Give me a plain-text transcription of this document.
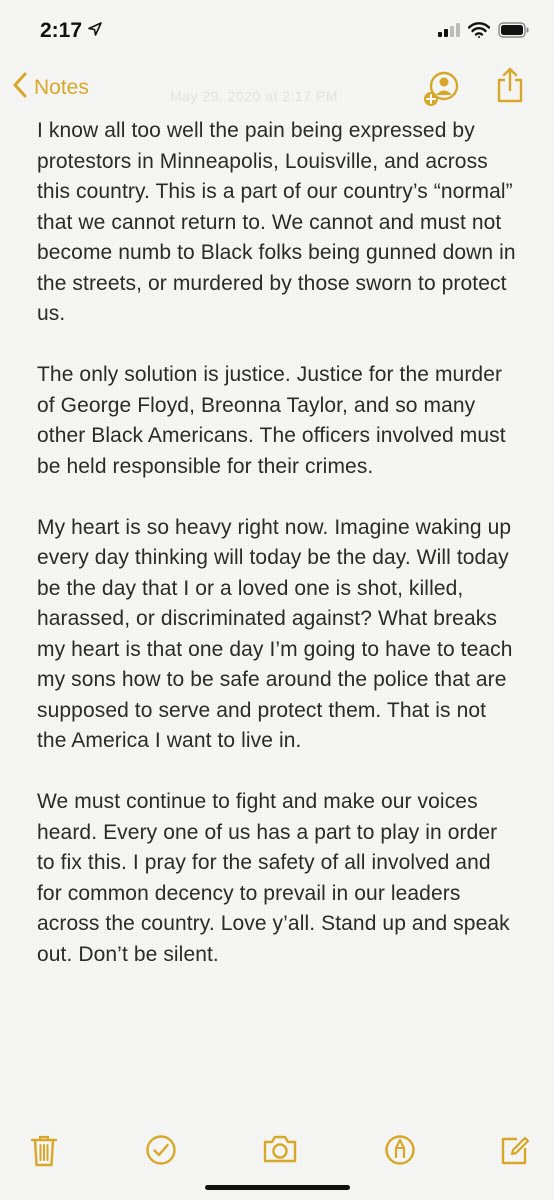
2:17
Notes	May 29, 2020 at 2:17 PM

I know all too well the pain being expressed by protestors in Minneapolis, Louisville, and across this country. This is a part of our country’s “normal” that we cannot return to. We cannot and must not become numb to Black folks being gunned down in the streets, or murdered by those sworn to protect us.

The only solution is justice. Justice for the murder of George Floyd, Breonna Taylor, and so many other Black Americans. The officers involved must be held responsible for their crimes.

My heart is so heavy right now. Imagine waking up every day thinking will today be the day. Will today be the day that I or a loved one is shot, killed, harassed, or discriminated against? What breaks my heart is that one day I’m going to have to teach my sons how to be safe around the police that are supposed to serve and protect them. That is not the America I want to live in.

We must continue to fight and make our voices heard. Every one of us has a part to play in order to fix this. I pray for the safety of all involved and for common decency to prevail in our leaders across the country. Love y’all. Stand up and speak out. Don’t be silent.
